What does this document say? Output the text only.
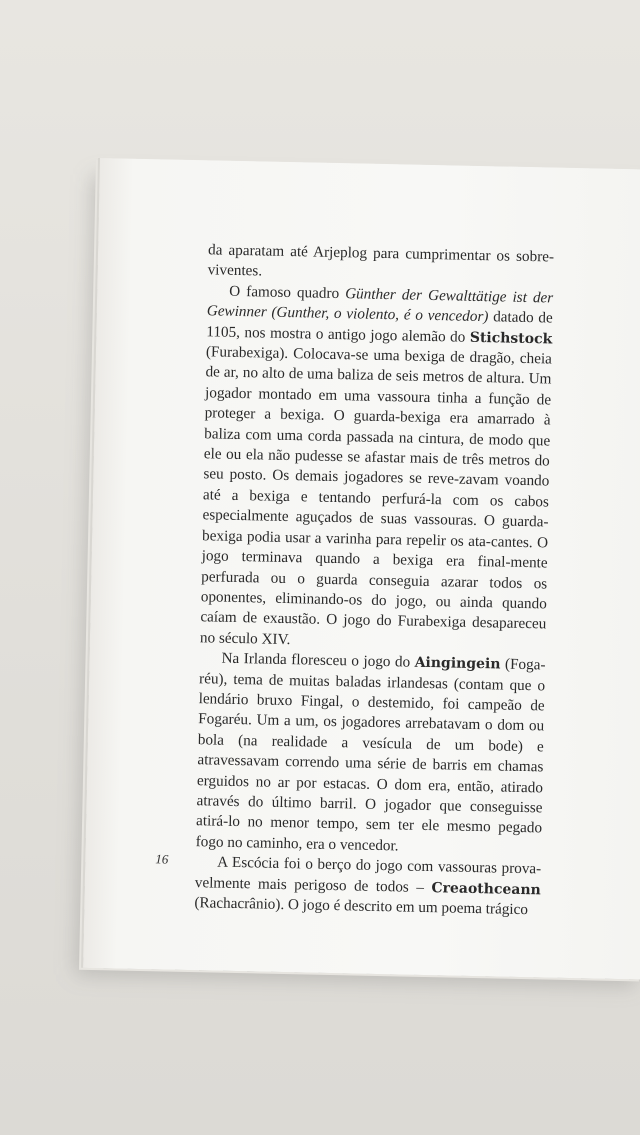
da aparatam até Arjeplog para cumprimentar os sobre-viventes.

O famoso quadro Günther der Gewalttätige ist der Gewinner (Gunther, o violento, é o vencedor) datado de 1105, nos mostra o antigo jogo alemão do Stichstock (Furabexiga). Colocava-se uma bexiga de dragão, cheia de ar, no alto de uma baliza de seis metros de altura. Um jogador montado em uma vassoura tinha a função de proteger a bexiga. O guarda-bexiga era amarrado à baliza com uma corda passada na cintura, de modo que ele ou ela não pudesse se afastar mais de três metros do seu posto. Os demais jogadores se reve-zavam voando até a bexiga e tentando perfurá-la com os cabos especialmente aguçados de suas vassouras. O guarda-bexiga podia usar a varinha para repelir os ata-cantes. O jogo terminava quando a bexiga era final-mente perfurada ou o guarda conseguia azarar todos os oponentes, eliminando-os do jogo, ou ainda quando caíam de exaustão. O jogo do Furabexiga desapareceu no século XIV.

Na Irlanda floresceu o jogo do Aingingein (Foga-réu), tema de muitas baladas irlandesas (contam que o lendário bruxo Fingal, o destemido, foi campeão de Fogaréu. Um a um, os jogadores arrebatavam o dom ou bola (na realidade a vesícula de um bode) e atravessavam correndo uma série de barris em chamas erguidos no ar por estacas. O dom era, então, atirado através do último barril. O jogador que conseguisse atirá-lo no menor tempo, sem ter ele mesmo pegado fogo no caminho, era o vencedor.

A Escócia foi o berço do jogo com vassouras prova-velmente mais perigoso de todos – Creaothceann (Rachacrânio). O jogo é descrito em um poema trágico

16
